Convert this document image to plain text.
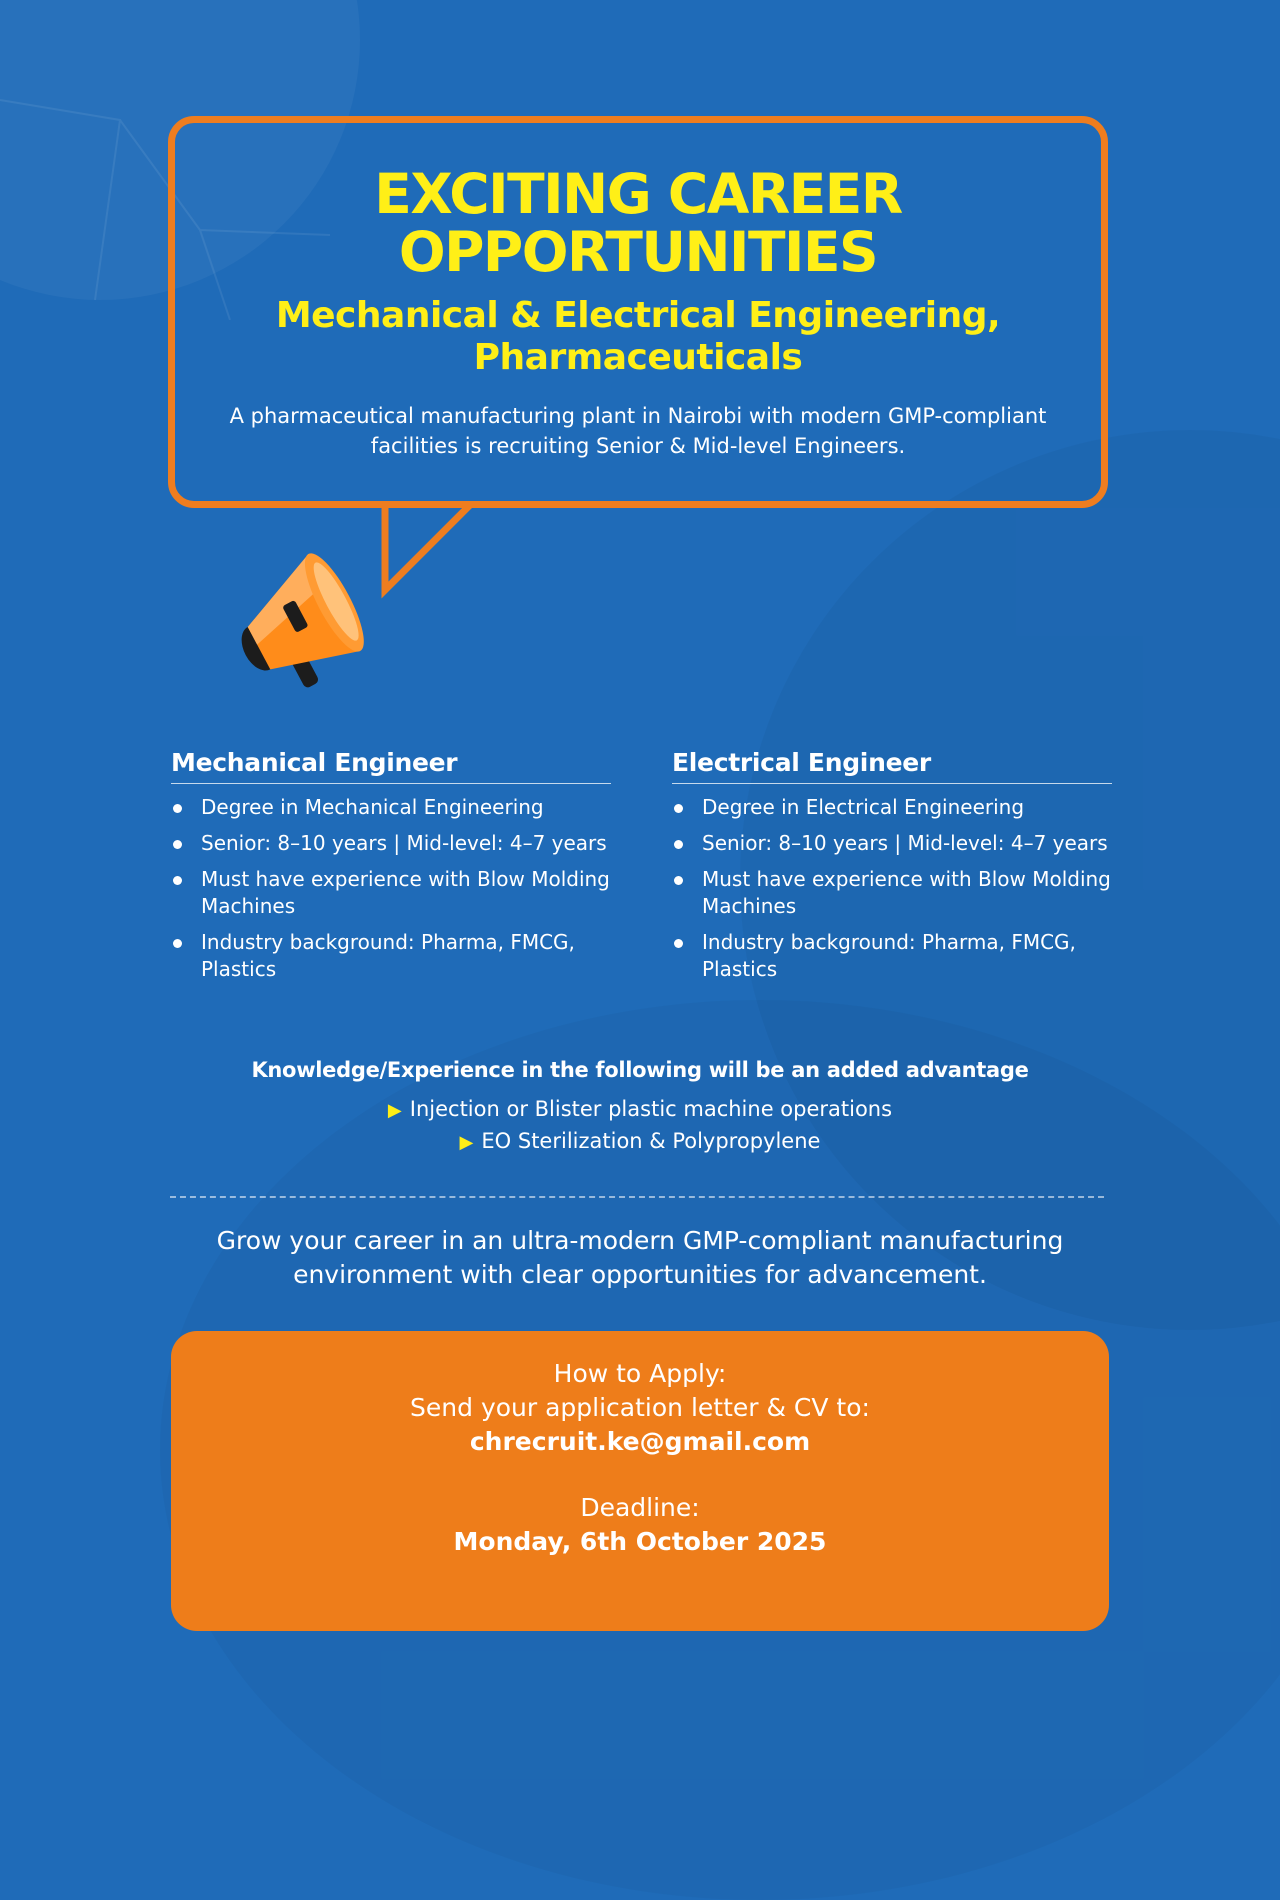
EXCITING CAREER
OPPORTUNITIES
Mechanical & Electrical Engineering,
Pharmaceuticals
A pharmaceutical manufacturing plant in Nairobi with modern GMP-compliant
facilities is recruiting Senior & Mid-level Engineers.
Mechanical Engineer
Degree in Mechanical Engineering
Senior: 8–10 years | Mid-level: 4–7 years
Must have experience with Blow Molding Machines
Industry background: Pharma, FMCG, Plastics
Electrical Engineer
Degree in Electrical Engineering
Senior: 8–10 years | Mid-level: 4–7 years
Must have experience with Blow Molding Machines
Industry background: Pharma, FMCG, Plastics
Knowledge/Experience in the following will be an added advantage
▶ Injection or Blister plastic machine operations
▶ EO Sterilization & Polypropylene
Grow your career in an ultra-modern GMP-compliant manufacturing
environment with clear opportunities for advancement.
How to Apply:
Send your application letter & CV to:
chrecruit.ke@gmail.com
Deadline:
Monday, 6th October 2025
